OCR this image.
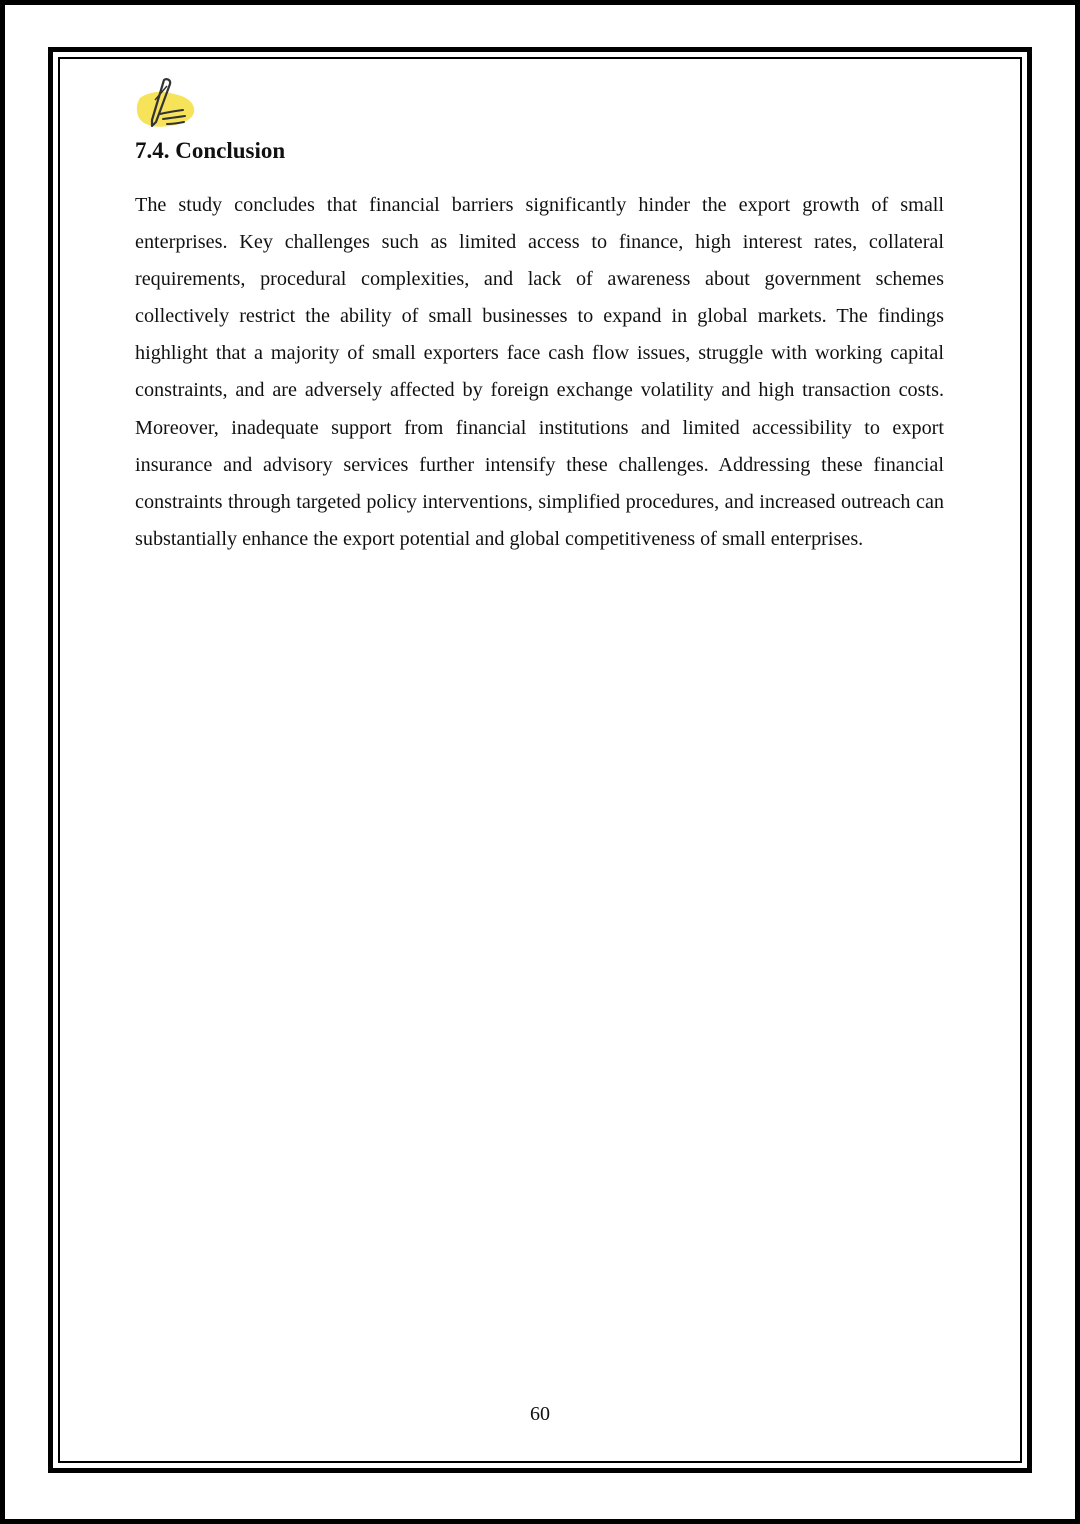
7.4. Conclusion

The study concludes that financial barriers significantly hinder the export growth of small enterprises. Key challenges such as limited access to finance, high interest rates, collateral requirements, procedural complexities, and lack of awareness about government schemes collectively restrict the ability of small businesses to expand in global markets. The findings highlight that a majority of small exporters face cash flow issues, struggle with working capital constraints, and are adversely affected by foreign exchange volatility and high transaction costs. Moreover, inadequate support from financial institutions and limited accessibility to export insurance and advisory services further intensify these challenges. Addressing these financial constraints through targeted policy interventions, simplified procedures, and increased outreach can substantially enhance the export potential and global competitiveness of small enterprises.

60
